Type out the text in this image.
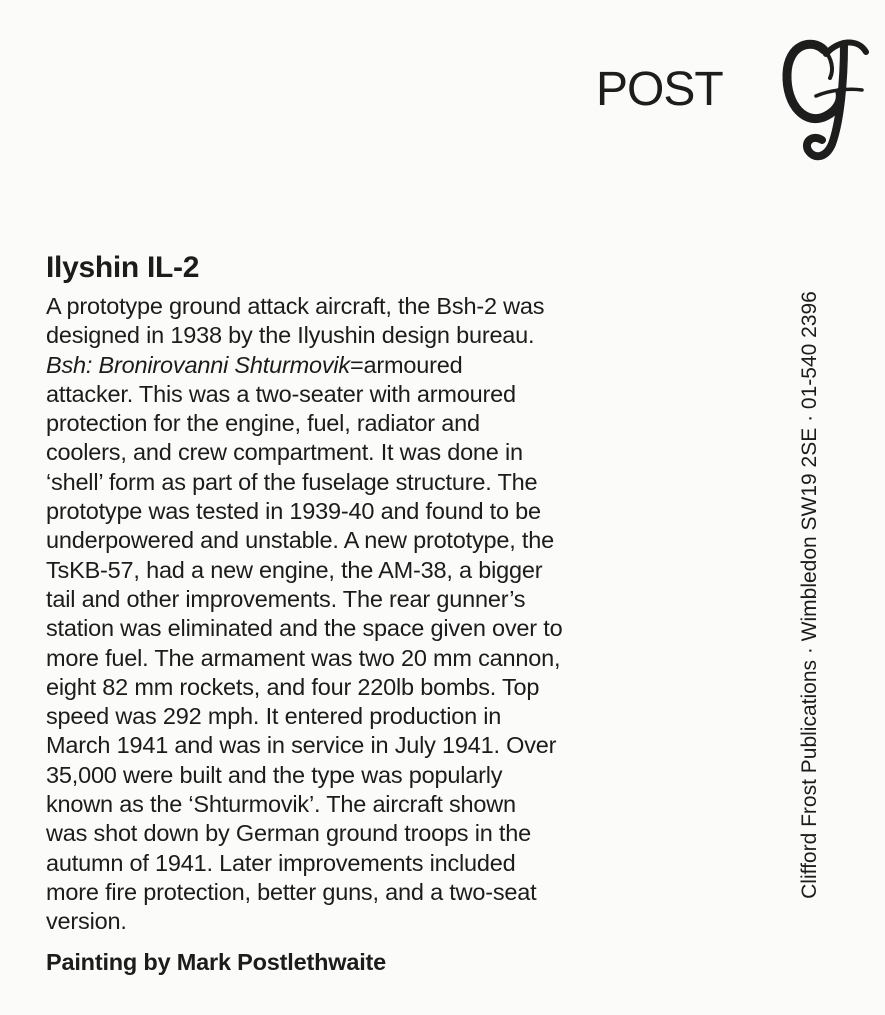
POST
Clifford Frost Publications · Wimbledon SW19 2SE · 01-540 2396
Ilyshin IL-2
A prototype ground attack aircraft, the Bsh-2 was
designed in 1938 by the Ilyushin design bureau.
Bsh: Bronirovanni Shturmovik=armoured
attacker. This was a two-seater with armoured
protection for the engine, fuel, radiator and
coolers, and crew compartment. It was done in
‘shell’ form as part of the fuselage structure. The
prototype was tested in 1939-40 and found to be
underpowered and unstable. A new prototype, the
TsKB-57, had a new engine, the AM-38, a bigger
tail and other improvements. The rear gunner’s
station was eliminated and the space given over to
more fuel. The armament was two 20 mm cannon,
eight 82 mm rockets, and four 220lb bombs. Top
speed was 292 mph. It entered production in
March 1941 and was in service in July 1941. Over
35,000 were built and the type was popularly
known as the ‘Shturmovik’. The aircraft shown
was shot down by German ground troops in the
autumn of 1941. Later improvements included
more fire protection, better guns, and a two-seat
version.

Painting by Mark Postlethwaite
